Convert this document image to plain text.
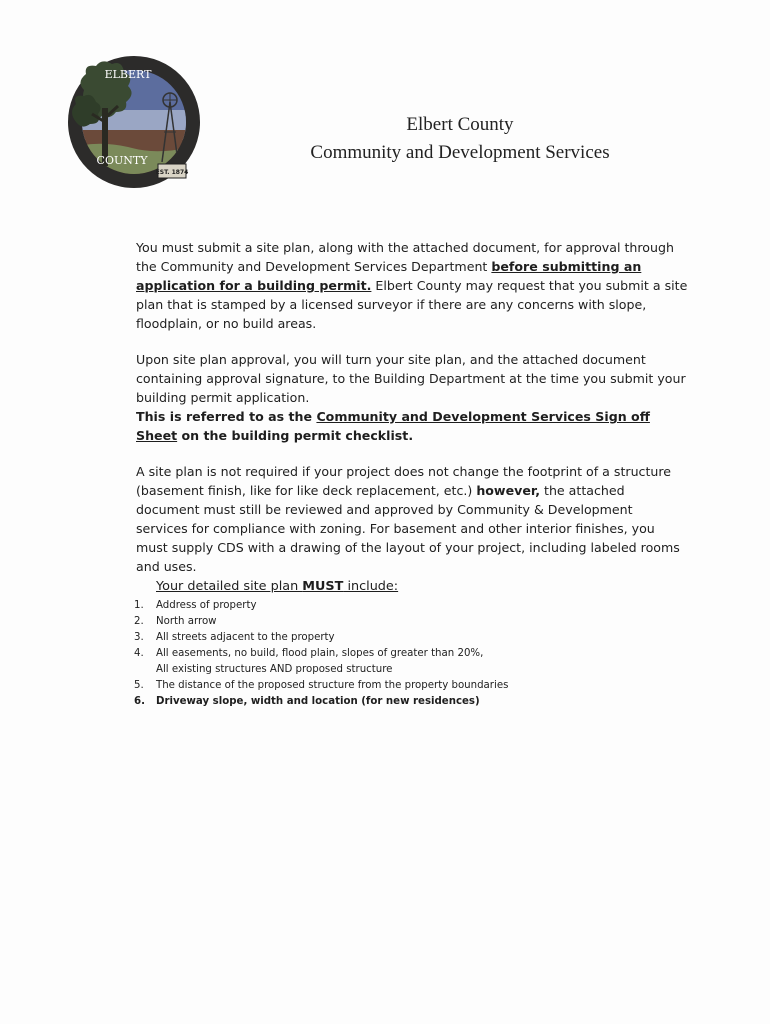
ELBERT
COUNTY
EST. 1874
Elbert County
Community and Development Services

You must submit a site plan, along with the attached document, for approval through the Community and Development Services Department before submitting an application for a building permit. Elbert County may request that you submit a site plan that is stamped by a licensed surveyor if there are any concerns with slope, floodplain, or no build areas.

Upon site plan approval, you will turn your site plan, and the attached document containing approval signature, to the Building Department at the time you submit your building permit application.
This is referred to as the Community and Development Services Sign off Sheet on the building permit checklist.

A site plan is not required if your project does not change the footprint of a structure (basement finish, like for like deck replacement, etc.) however, the attached document must still be reviewed and approved by Community & Development services for compliance with zoning. For basement and other interior finishes, you must supply CDS with a drawing of the layout of your project, including labeled rooms and uses.

Your detailed site plan MUST include:
1. Address of property
2. North arrow
3. All streets adjacent to the property
4. All easements, no build, flood plain, slopes of greater than 20%,
All existing structures AND proposed structure
5. The distance of the proposed structure from the property boundaries
6. Driveway slope, width and location (for new residences)
